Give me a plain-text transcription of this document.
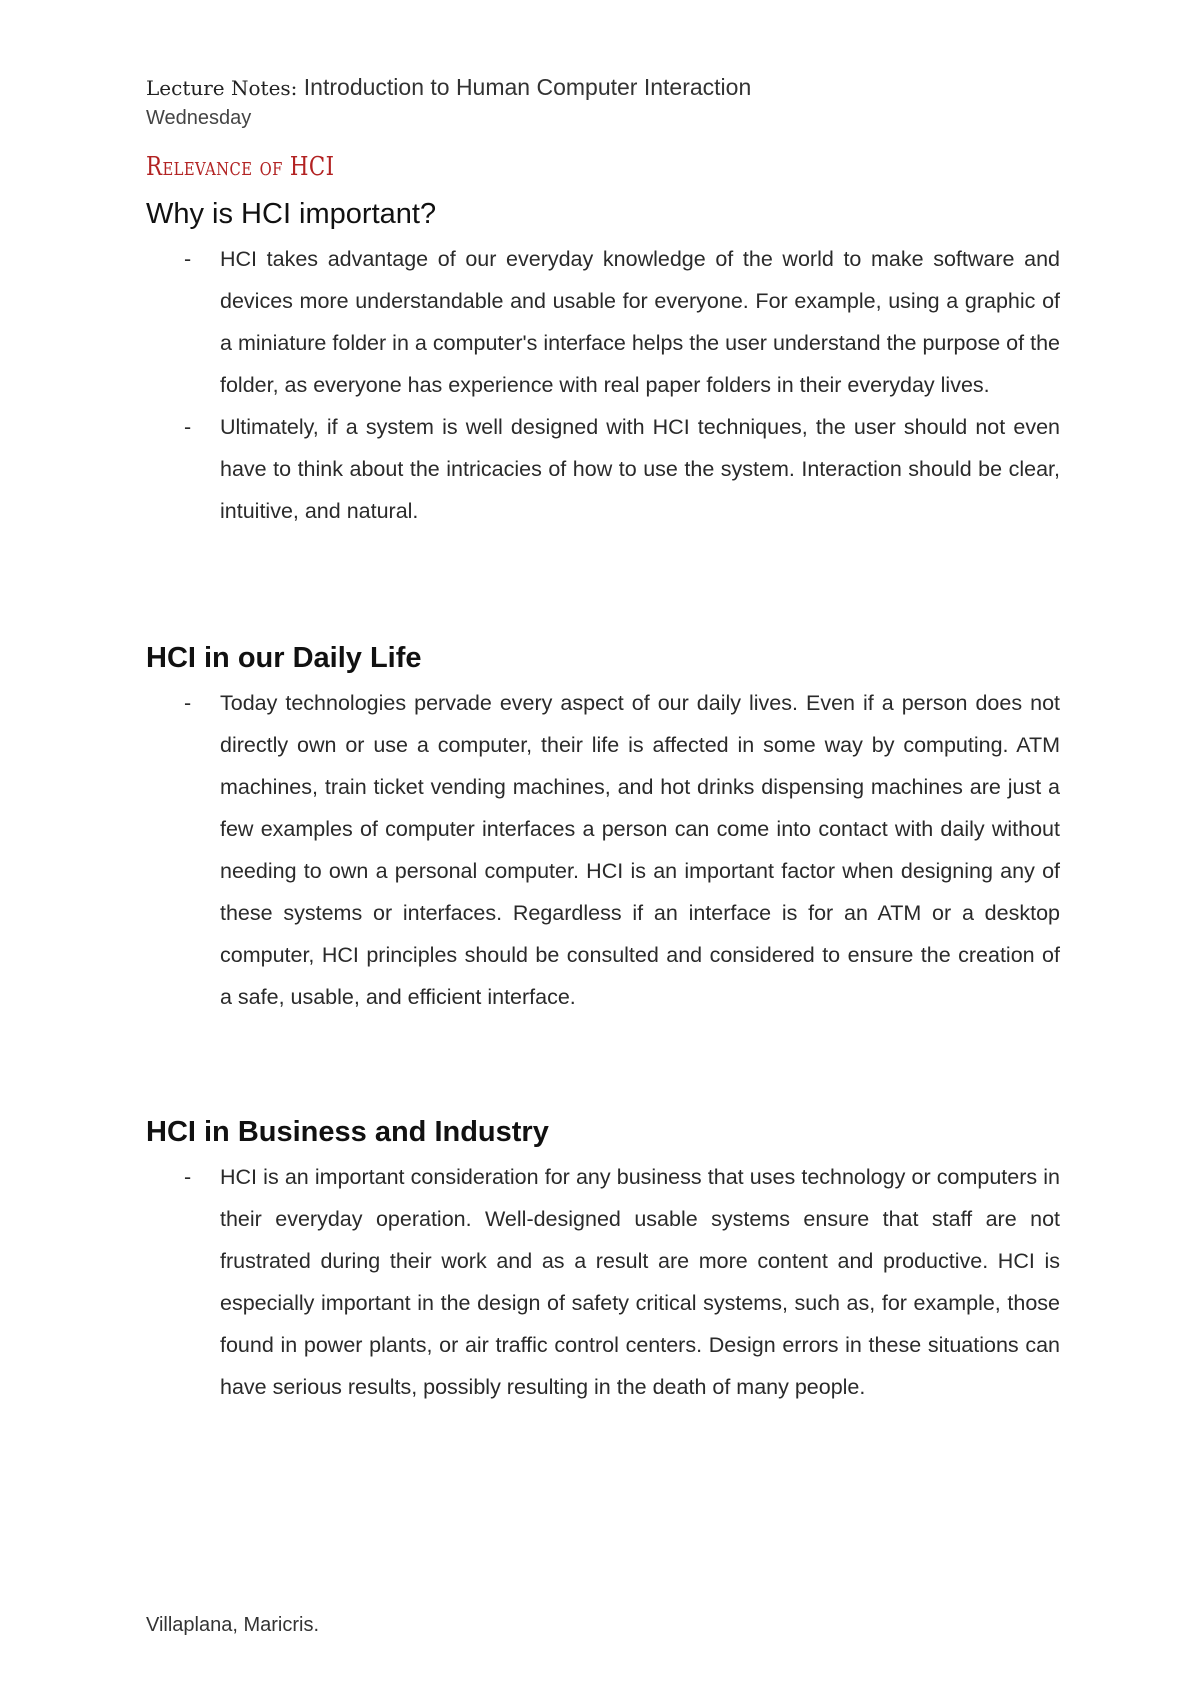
Lecture Notes: Introduction to Human Computer Interaction
Wednesday
Relevance of HCI
Why is HCI important?
- HCI takes advantage of our everyday knowledge of the world to make software and devices more understandable and usable for everyone. For example, using a graphic of a miniature folder in a computer's interface helps the user understand the purpose of the folder, as everyone has experience with real paper folders in their everyday lives.
- Ultimately, if a system is well designed with HCI techniques, the user should not even have to think about the intricacies of how to use the system. Interaction should be clear, intuitive, and natural.
HCI in our Daily Life
- Today technologies pervade every aspect of our daily lives. Even if a person does not directly own or use a computer, their life is affected in some way by computing. ATM machines, train ticket vending machines, and hot drinks dispensing machines are just a few examples of computer interfaces a person can come into contact with daily without needing to own a personal computer. HCI is an important factor when designing any of these systems or interfaces. Regardless if an interface is for an ATM or a desktop computer, HCI principles should be consulted and considered to ensure the creation of a safe, usable, and efficient interface.
HCI in Business and Industry
- HCI is an important consideration for any business that uses technology or computers in their everyday operation. Well-designed usable systems ensure that staff are not frustrated during their work and as a result are more content and productive. HCI is especially important in the design of safety critical systems, such as, for example, those found in power plants, or air traffic control centers. Design errors in these situations can have serious results, possibly resulting in the death of many people.
Villaplana, Maricris.
